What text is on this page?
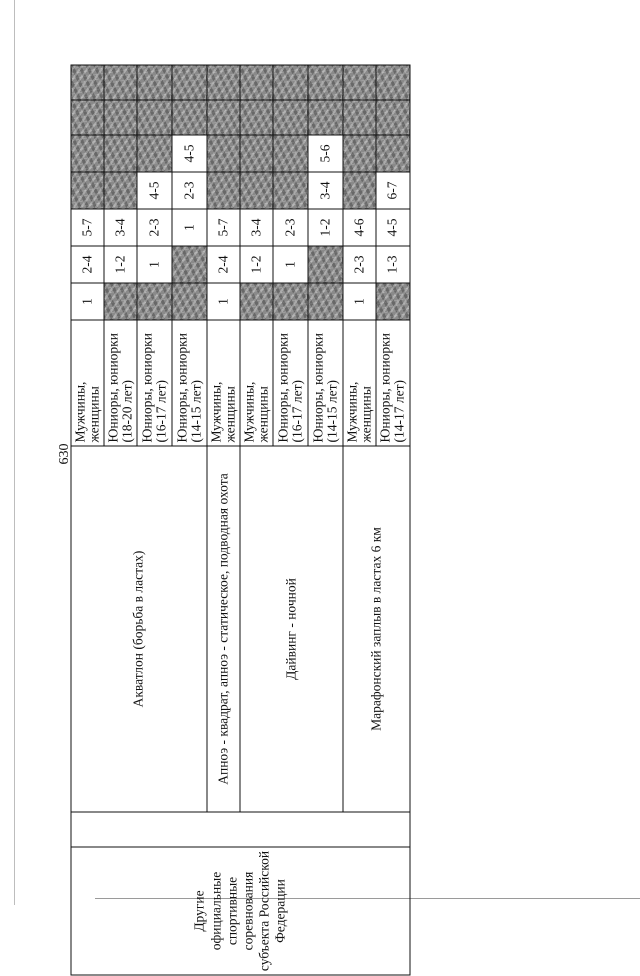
630
Другие официальные спортивные соревнования субъекта Российской Федерации		Акватлон (борьба в ластах)	Мужчины, женщины	1	2-4	5-7				
			Юниоры, юниорки (18-20 лет)		1-2	3-4				
			Юниоры, юниорки (16-17 лет)		1	2-3	4-5			
			Юниоры, юниорки (14-15 лет)			1	2-3	4-5		
		Апноэ - квадрат, апноэ - статическое, подводная охота	Мужчины, женщины	1	2-4	5-7				
		Дайвинг - ночной	Мужчины, женщины		1-2	3-4				
			Юниоры, юниорки (16-17 лет)		1	2-3				
			Юниоры, юниорки (14-15 лет)			1-2	3-4	5-6		
		Марафонский заплыв в ластах 6 км	Мужчины, женщины	1	2-3	4-6				
			Юниоры, юниорки (14-17 лет)		1-3	4-5	6-7			
